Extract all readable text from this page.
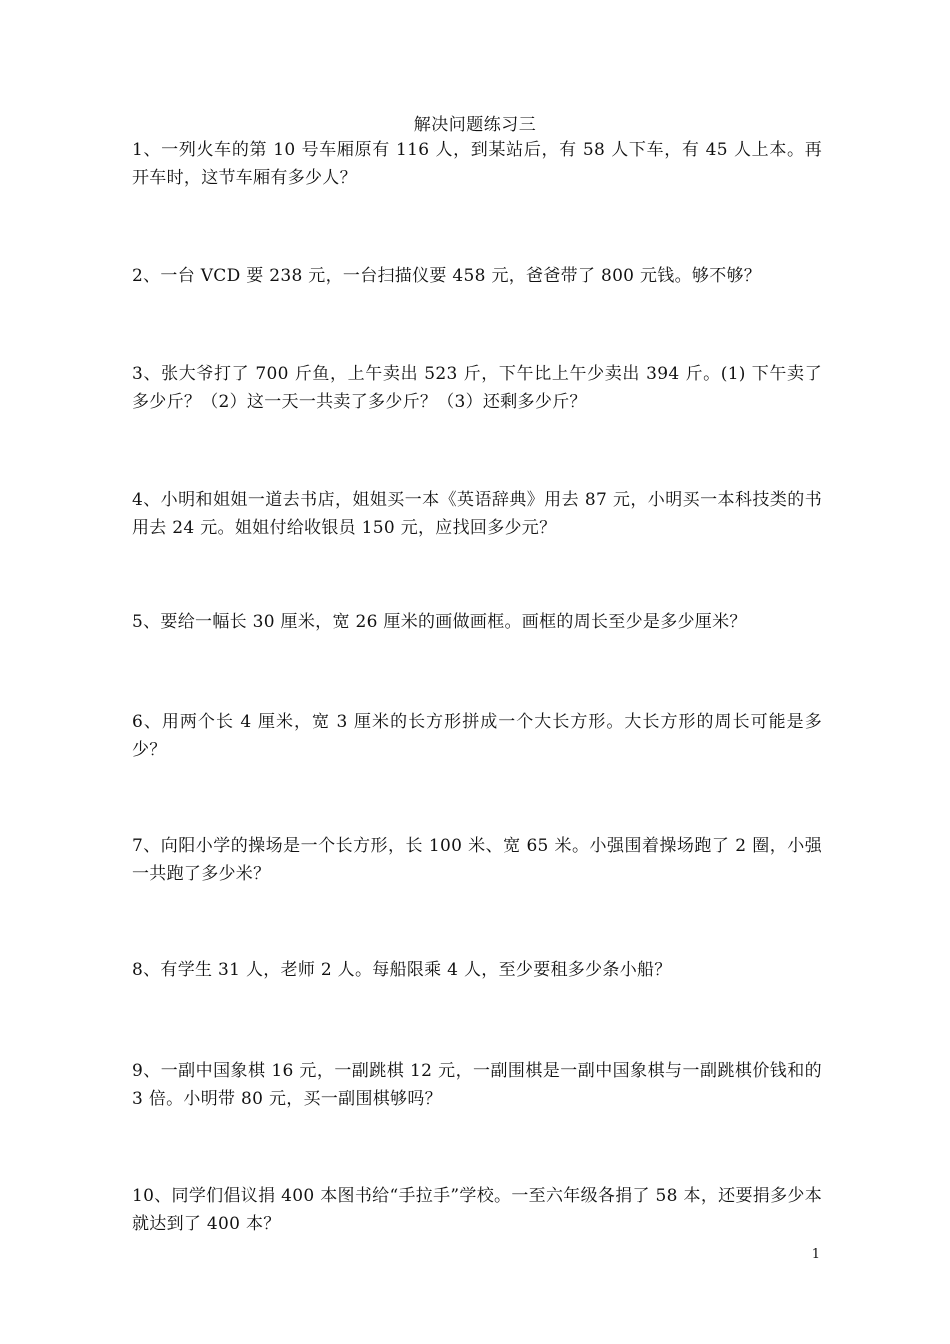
解决问题练习三
1、一列火车的第 10 号车厢原有 116 人，到某站后，有 58 人下车，有 45 人上本。再开车时，这节车厢有多少人？
2、一台 VCD 要 238 元，一台扫描仪要 458 元，爸爸带了 800 元钱。够不够？
3、张大爷打了 700 斤鱼，上午卖出 523 斤，下午比上午少卖出 394 斤。(1) 下午卖了多少斤？（2）这一天一共卖了多少斤？（3）还剩多少斤？
4、小明和姐姐一道去书店，姐姐买一本《英语辞典》用去 87 元，小明买一本科技类的书用去 24 元。姐姐付给收银员 150 元，应找回多少元？
5、要给一幅长 30 厘米，宽 26 厘米的画做画框。画框的周长至少是多少厘米？
6、用两个长 4 厘米，宽 3 厘米的长方形拼成一个大长方形。大长方形的周长可能是多少？
7、向阳小学的操场是一个长方形，长 100 米、宽 65 米。小强围着操场跑了 2 圈，小强一共跑了多少米？
8、有学生 31 人，老师 2 人。每船限乘 4 人，至少要租多少条小船？
9、一副中国象棋 16 元，一副跳棋 12 元，一副围棋是一副中国象棋与一副跳棋价钱和的 3 倍。小明带 80 元，买一副围棋够吗？
10、同学们倡议捐 400 本图书给“手拉手”学校。一至六年级各捐了 58 本，还要捐多少本就达到了 400 本？
1
